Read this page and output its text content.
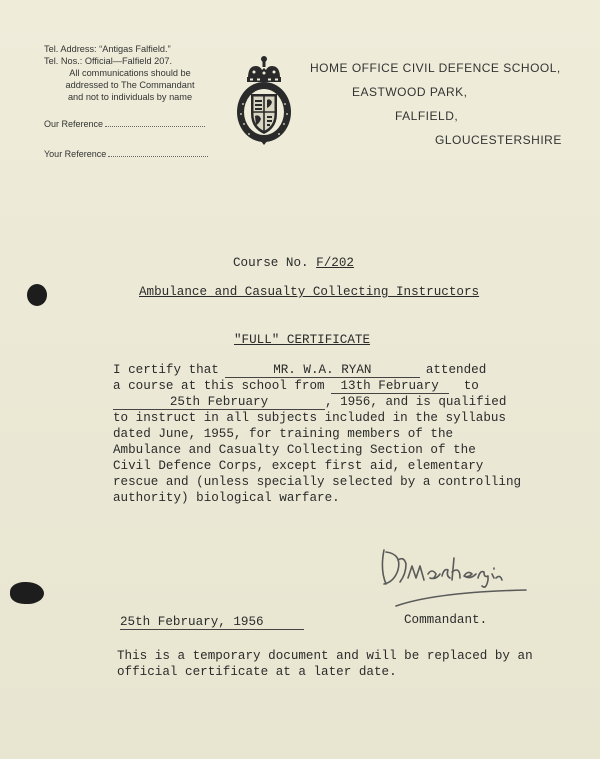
Tel. Address: “Antigas Falfield.”
Tel. Nos.: Official—Falfield 207.
All communications should be
addressed to The Commandant
and not to individuals by name
Our Reference
Your Reference
HOME OFFICE CIVIL DEFENCE SCHOOL,
EASTWOOD PARK,
FALFIELD,
GLOUCESTERSHIRE
Course No. F/202
Ambulance and Casualty Collecting Instructors
"FULL" CERTIFICATE
I certify that	MR. W.A. RYAN	attended
a course at this school from 13th February to
25th February	, 1956, and is qualified
to instruct in all subjects included in the syllabus
dated June, 1955, for training members of the
Ambulance and Casualty Collecting Section of the
Civil Defence Corps, except first aid, elementary
rescue and (unless specially selected by a controlling
authority) biological warfare.
25th February, 1956	Commandant.
This is a temporary document and will be replaced by an
official certificate at a later date.
